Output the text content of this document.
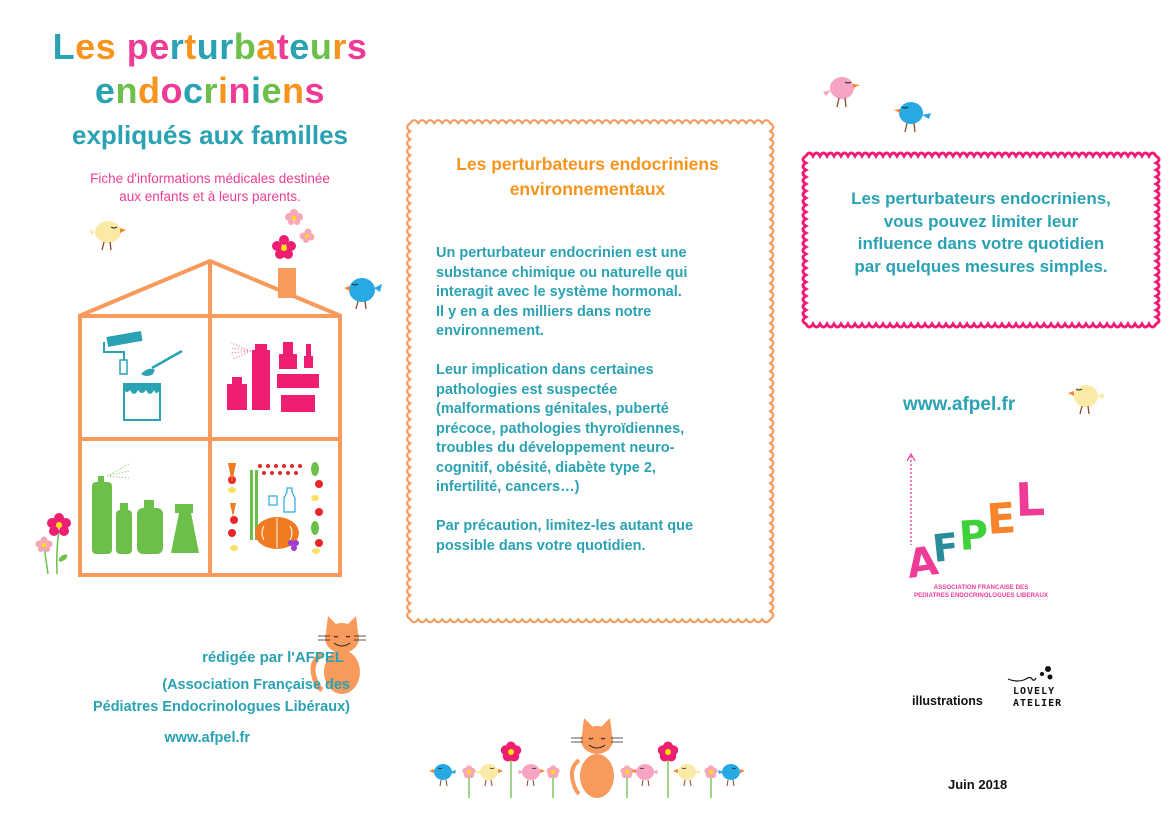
Les perturbateurs
endocriniens
expliqués aux familles
Fiche d'informations médicales destinée
aux enfants et à leurs parents.
rédigée par l'AFPEL
(Association Française des
Pédiatres Endocrinologues Libéraux)
www.afpel.fr
Les perturbateurs endocriniens
environnementaux

Un perturbateur endocrinien est une
substance chimique ou naturelle qui
interagit avec le système hormonal.
Il y en a des milliers dans notre
environnement.

Leur implication dans certaines
pathologies est suspectée
(malformations génitales, puberté
précoce, pathologies thyroïdiennes,
troubles du développement neuro-
cognitif, obésité, diabète type 2,
infertilité, cancers…)

Par précaution, limitez-les autant que
possible dans votre quotidien.

Les perturbateurs endocriniens,
vous pouvez limiter leur
influence dans votre quotidien
par quelques mesures simples.
www.afpel.fr
A
F
P
E
L
ASSOCIATION FRANCAISE DES
PEDIATRES ENDOCRINOLOGUES LIBERAUX
illustrations
LOVELY
ATELIER
Juin 2018
